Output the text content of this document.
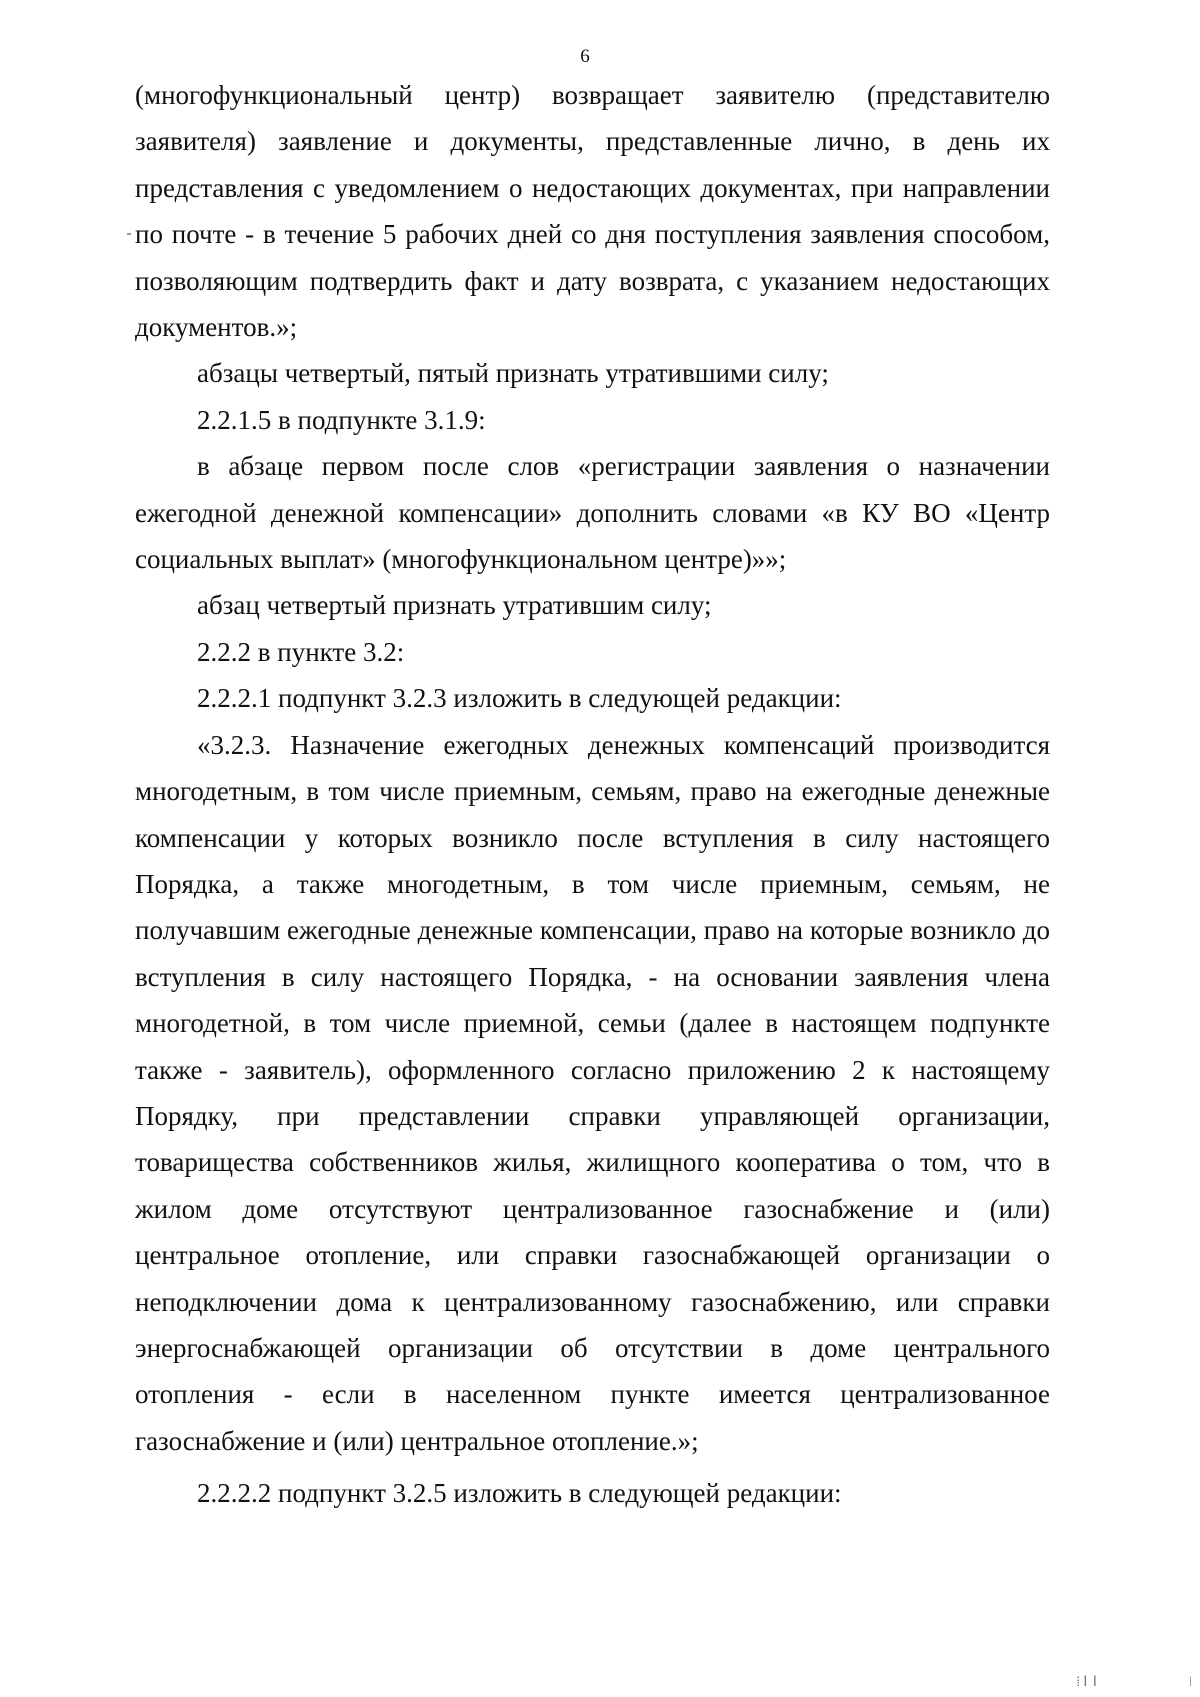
6

(многофункциональный центр) возвращает заявителю (представителю заявителя) заявление и документы, представленные лично, в день их представления с уведомлением о недостающих документах, при направлении по почте - в течение 5 рабочих дней со дня поступления заявления способом, позволяющим подтвердить факт и дату возврата, с указанием недостающих документов.»;

абзацы четвертый, пятый признать утратившими силу;

2.2.1.5 в подпункте 3.1.9:

в абзаце первом после слов «регистрации заявления о назначении ежегодной денежной компенсации» дополнить словами «в КУ ВО «Центр социальных выплат» (многофункциональном центре)»»;

абзац четвертый признать утратившим силу;

2.2.2 в пункте 3.2:

2.2.2.1 подпункт 3.2.3 изложить в следующей редакции:

«3.2.3. Назначение ежегодных денежных компенсаций производится многодетным, в том числе приемным, семьям, право на ежегодные денежные компенсации у которых возникло после вступления в силу настоящего Порядка, а также многодетным, в том числе приемным, семьям, не получавшим ежегодные денежные компенсации, право на которые возникло до вступления в силу настоящего Порядка, - на основании заявления члена многодетной, в том числе приемной, семьи (далее в настоящем подпункте также - заявитель), оформленного согласно приложению 2 к настоящему Порядку, при представлении справки управляющей организации, товарищества собственников жилья, жилищного кооператива о том, что в жилом доме отсутствуют централизованное газоснабжение и (или) центральное отопление, или справки газоснабжающей организации о неподключении дома к централизованному газоснабжению, или справки энергоснабжающей организации об отсутствии в доме центрального отопления - если в населенном пункте имеется централизованное газоснабжение и (или) центральное отопление.»;

2.2.2.2 подпункт 3.2.5 изложить в следующей редакции:

⁞ǀǀ	ǀ
